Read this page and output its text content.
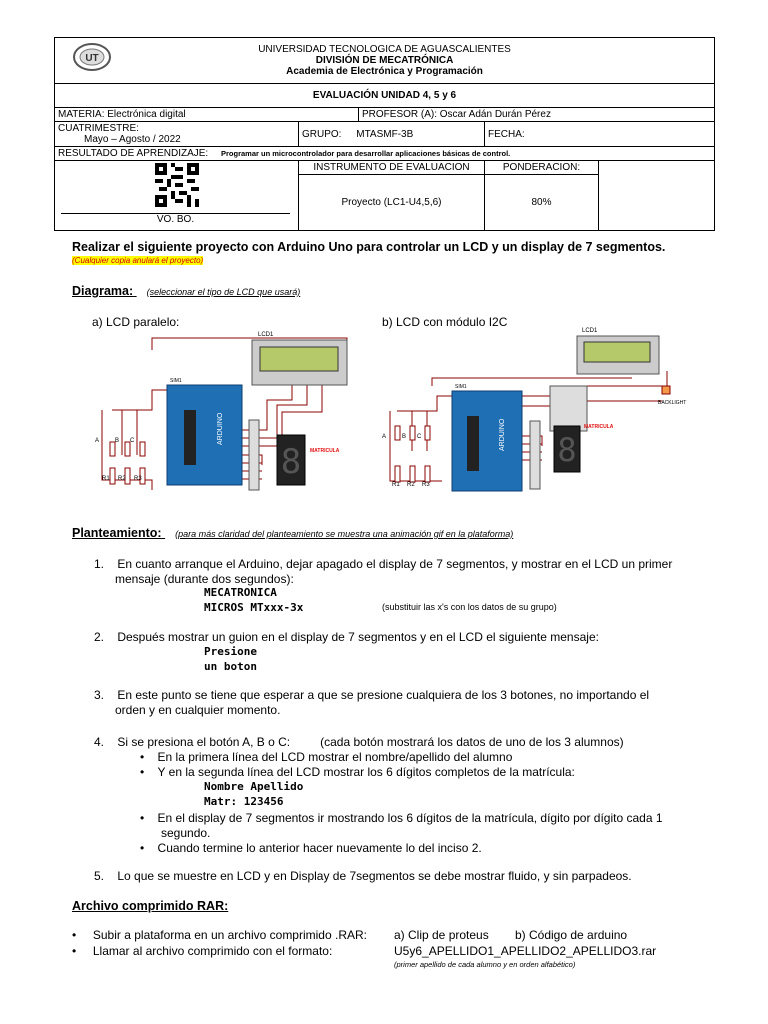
UT
UNIVERSIDAD TECNOLOGICA DE AGUASCALIENTES
DIVISIÓN DE MECATRÓNICA
Academia de Electrónica y Programación				

EVALUACIÓN UNIDAD 4, 5 y 6				
MATERIA: Electrónica digital		PROFESOR (A): Oscar Adán Durán Pérez		

CUATRIMESTRE:
Mayo – Agosto / 2022	GRUPO: MTASMF-3B		FECHA:	
RESULTADO DE APRENDIZAJE: Programar un microcontrolador para desarrollar aplicaciones básicas de control.				

VO. BO.	INSTRUMENTO DE EVALUACION		PONDERACION:	
	Proyecto (LC1-U4,5,6)		80%	
Realizar el siguiente proyecto con Arduino Uno para controlar un LCD y un display de 7 segmentos.
(Cualquier copia anulará el proyecto)
Diagrama: (seleccionar el tipo de LCD que usará)
a) LCD paralelo:	b) LCD con módulo I2C
LCD1
SIM1
ARDUINO
A	B C
R1 R2 R3	8 MATRICULA
LCD1
BACKLIGHT
SIM1
ARDUINO
A	B C
R1 R2 R3
8
MATRICULA
Planteamiento: (para más claridad del planteamiento se muestra una animación gif en la plataforma)
1.    En cuanto arranque el Arduino, dejar apagado el display de 7 segmentos, y mostrar en el LCD un primer
mensaje (durante dos segundos):
MECATRONICA
MICROS MTxxx-3x	(substituir las x's con los datos de su grupo)
2.    Después mostrar un guion en el display de 7 segmentos y en el LCD el siguiente mensaje:
Presione
un boton
3.    En este punto se tiene que esperar a que se presione cualquiera de los 3 botones, no importando el
orden y en cualquier momento.
4.    Si se presiona el botón A, B o C:	(cada botón mostrará los datos de uno de los 3 alumnos)
•    En la primera línea del LCD mostrar el nombre/apellido del alumno
•    Y en la segunda línea del LCD mostrar los 6 dígitos completos de la matrícula:
Nombre Apellido
Matr: 123456
•    En el display de 7 segmentos ir mostrando los 6 dígitos de la matrícula, dígito por dígito cada 1
segundo.
•    Cuando termine lo anterior hacer nuevamente lo del inciso 2.
5.    Lo que se muestre en LCD y en Display de 7segmentos se debe mostrar fluido, y sin parpadeos.
Archivo comprimido RAR:
•     Subir a plataforma en un archivo comprimido .RAR: a) Clip de proteus b) Código de arduino
•     Llamar al archivo comprimido con el formato:	U5y6_APELLIDO1_APELLIDO2_APELLIDO3.rar
(primer apellido de cada alumno y en orden alfabético)
